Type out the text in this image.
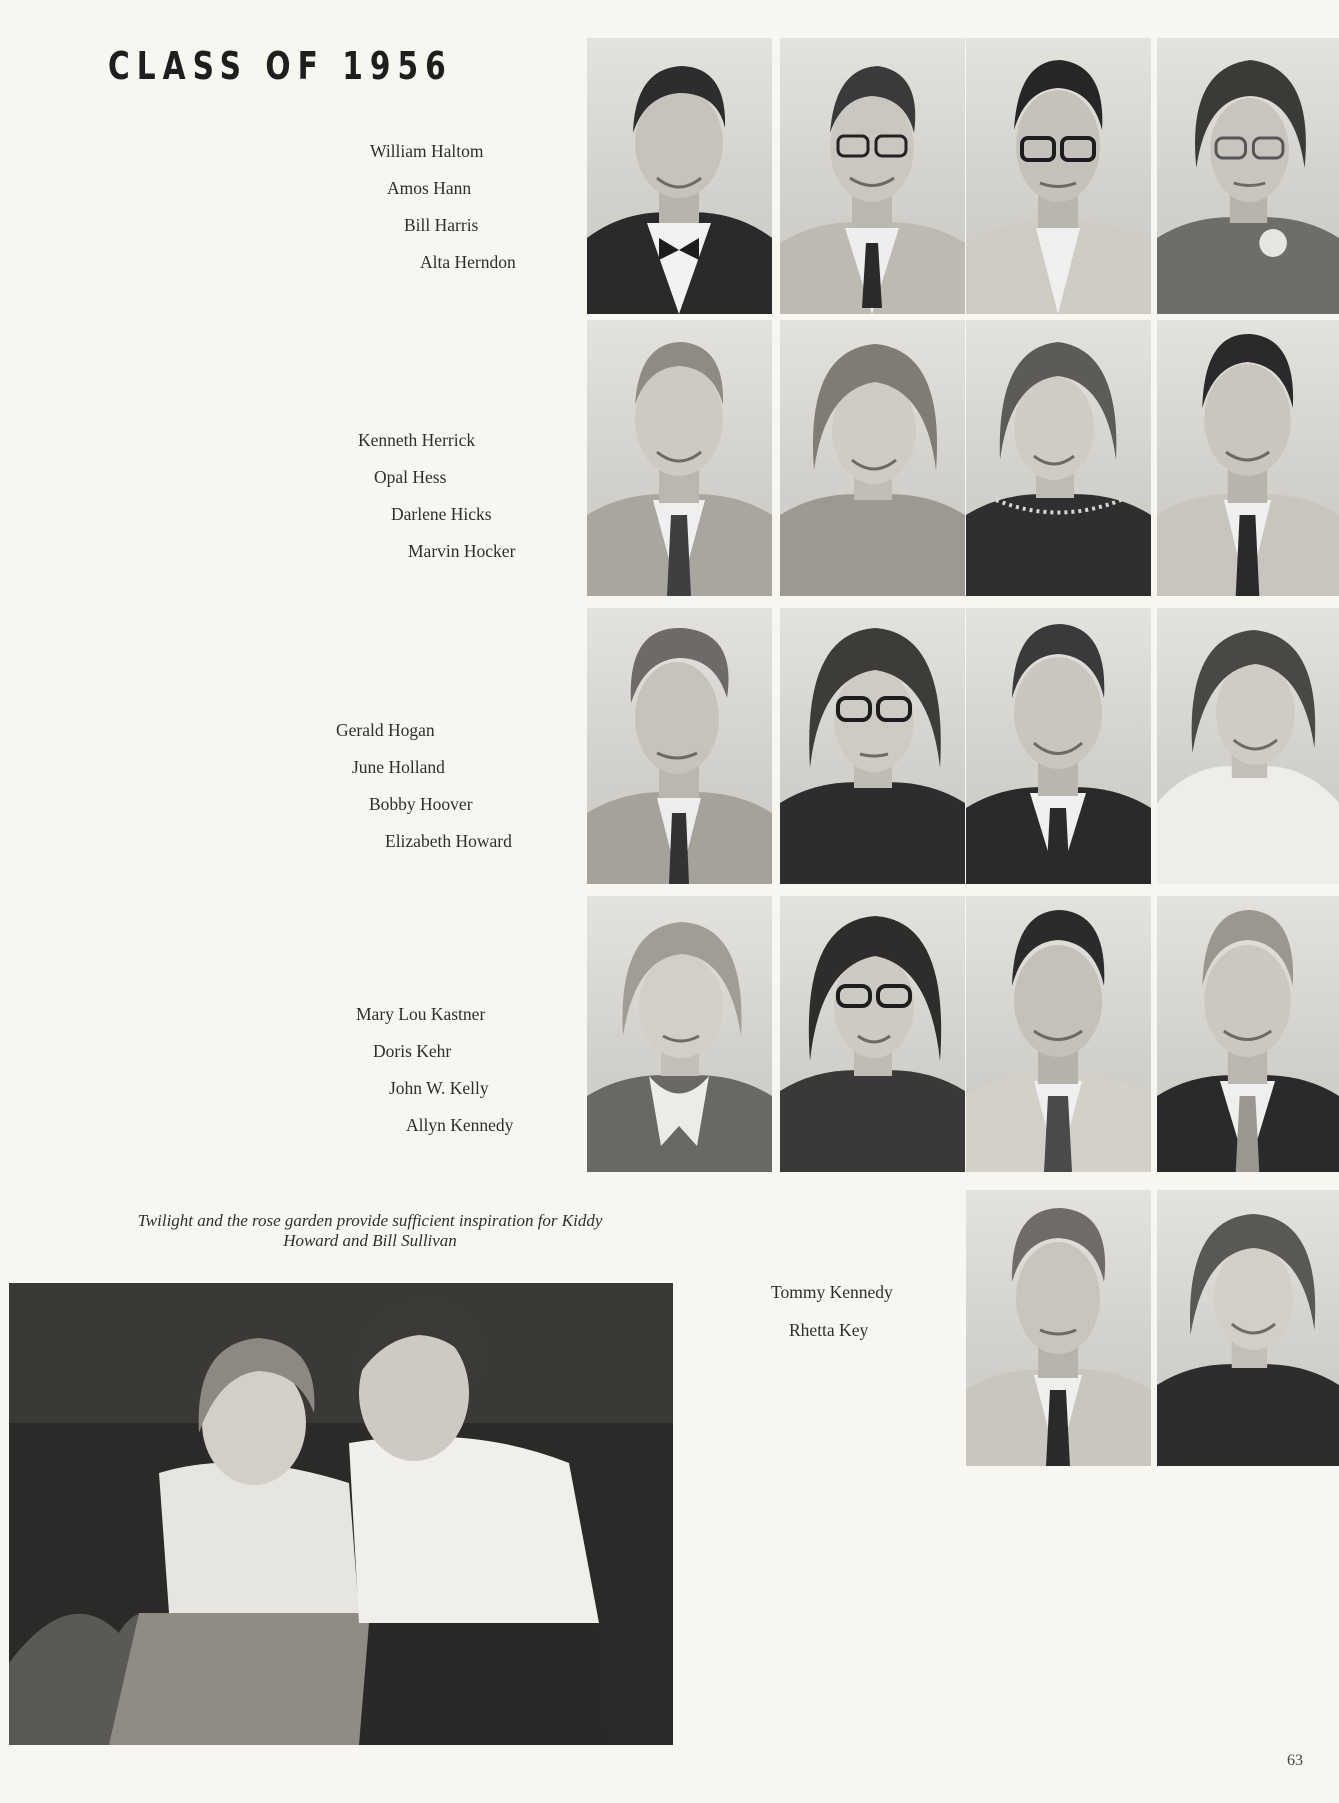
CLASS OF 1956
William Haltom
Amos Hann
Bill Harris
Alta Herndon
Kenneth Herrick
Opal Hess
Darlene Hicks
Marvin Hocker
Gerald Hogan
June Holland
Bobby Hoover
Elizabeth Howard
Mary Lou Kastner
Doris Kehr
John W. Kelly
Allyn Kennedy
Tommy Kennedy
Rhetta Key
Twilight and the rose garden provide sufficient inspiration for Kiddy Howard and Bill Sullivan
63
